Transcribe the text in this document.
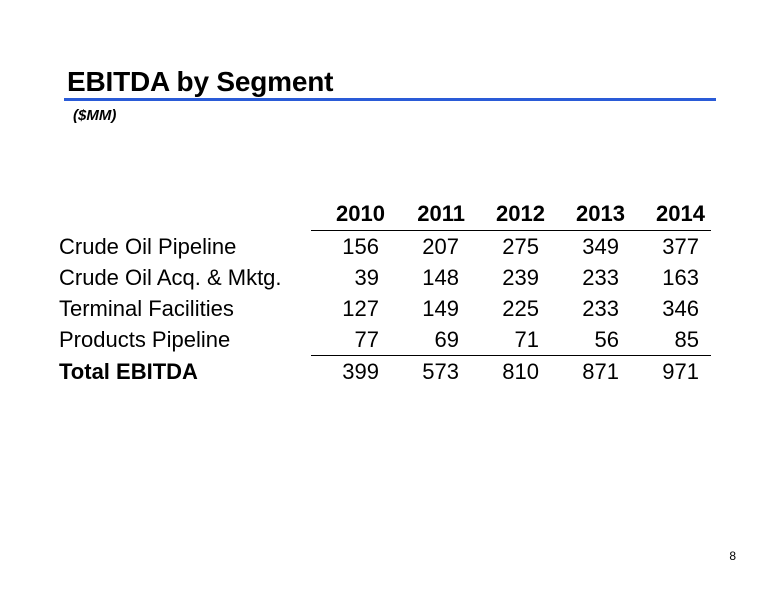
EBITDA by Segment
($MM)
	2010	2011	2012	2013	2014
Crude Oil Pipeline	156	207	275	349	377
Crude Oil Acq. & Mktg.	39	148	239	233	163
Terminal Facilities	127	149	225	233	346
Products Pipeline	77	69	71	56	85
Total EBITDA	399	573	810	871	971
8
